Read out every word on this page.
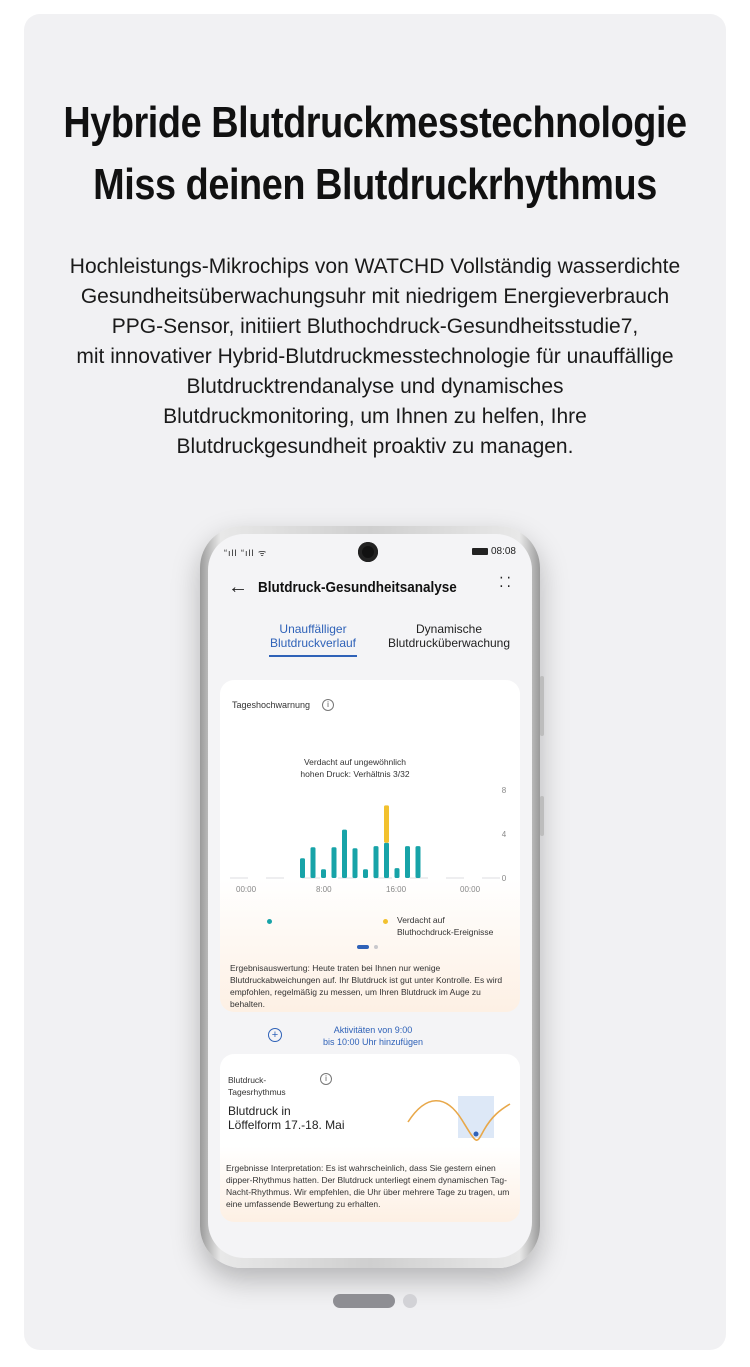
Hybride Blutdruckmesstechnologie
Miss deinen Blutdruckrhythmus
Hochleistungs-Mikrochips von WATCHD Vollständig wasserdichte
Gesundheitsüberwachungsuhr mit niedrigem Energieverbrauch
PPG-Sensor, initiiert Bluthochdruck-Gesundheitsstudie7,
mit innovativer Hybrid-Blutdruckmesstechnologie für unauffällige
Blutdrucktrendanalyse und dynamisches
Blutdruckmonitoring, um Ihnen zu helfen, Ihre
Blutdruckgesundheit proaktiv zu managen.
“ıll “ıll ᯤ	08:08
← Blutdruck-Gesundheitsanalyse	⁚⁚
Unauffälliger
Blutdruckverlauf
Dynamische
Blutdrucküberwachung
Tageshochwarnung	i
Verdacht auf ungewöhnlich
hohen Druck: Verhältnis 3/32
0
4
8
00:00	8:00	16:00	00:00
Verdacht auf
Bluthochdruck-Ereignisse
Ergebnisauswertung: Heute traten bei Ihnen nur wenige Blutdruckabweichungen auf. Ihr Blutdruck ist gut unter Kontrolle. Es wird empfohlen, regelmäßig zu messen, um Ihren Blutdruck im Auge zu behalten.
+	Aktivitäten von 9:00
bis 10:00 Uhr hinzufügen
Blutdruck-
Tagesrhythmus
i
Blutdruck in
Löffelform 17.-18. Mai
Ergebnisse Interpretation: Es ist wahrscheinlich, dass Sie gestern einen dipper-Rhythmus hatten. Der Blutdruck unterliegt einem dynamischen Tag-Nacht-Rhythmus. Wir empfehlen, die Uhr über mehrere Tage zu tragen, um eine umfassende Bewertung zu erhalten.
